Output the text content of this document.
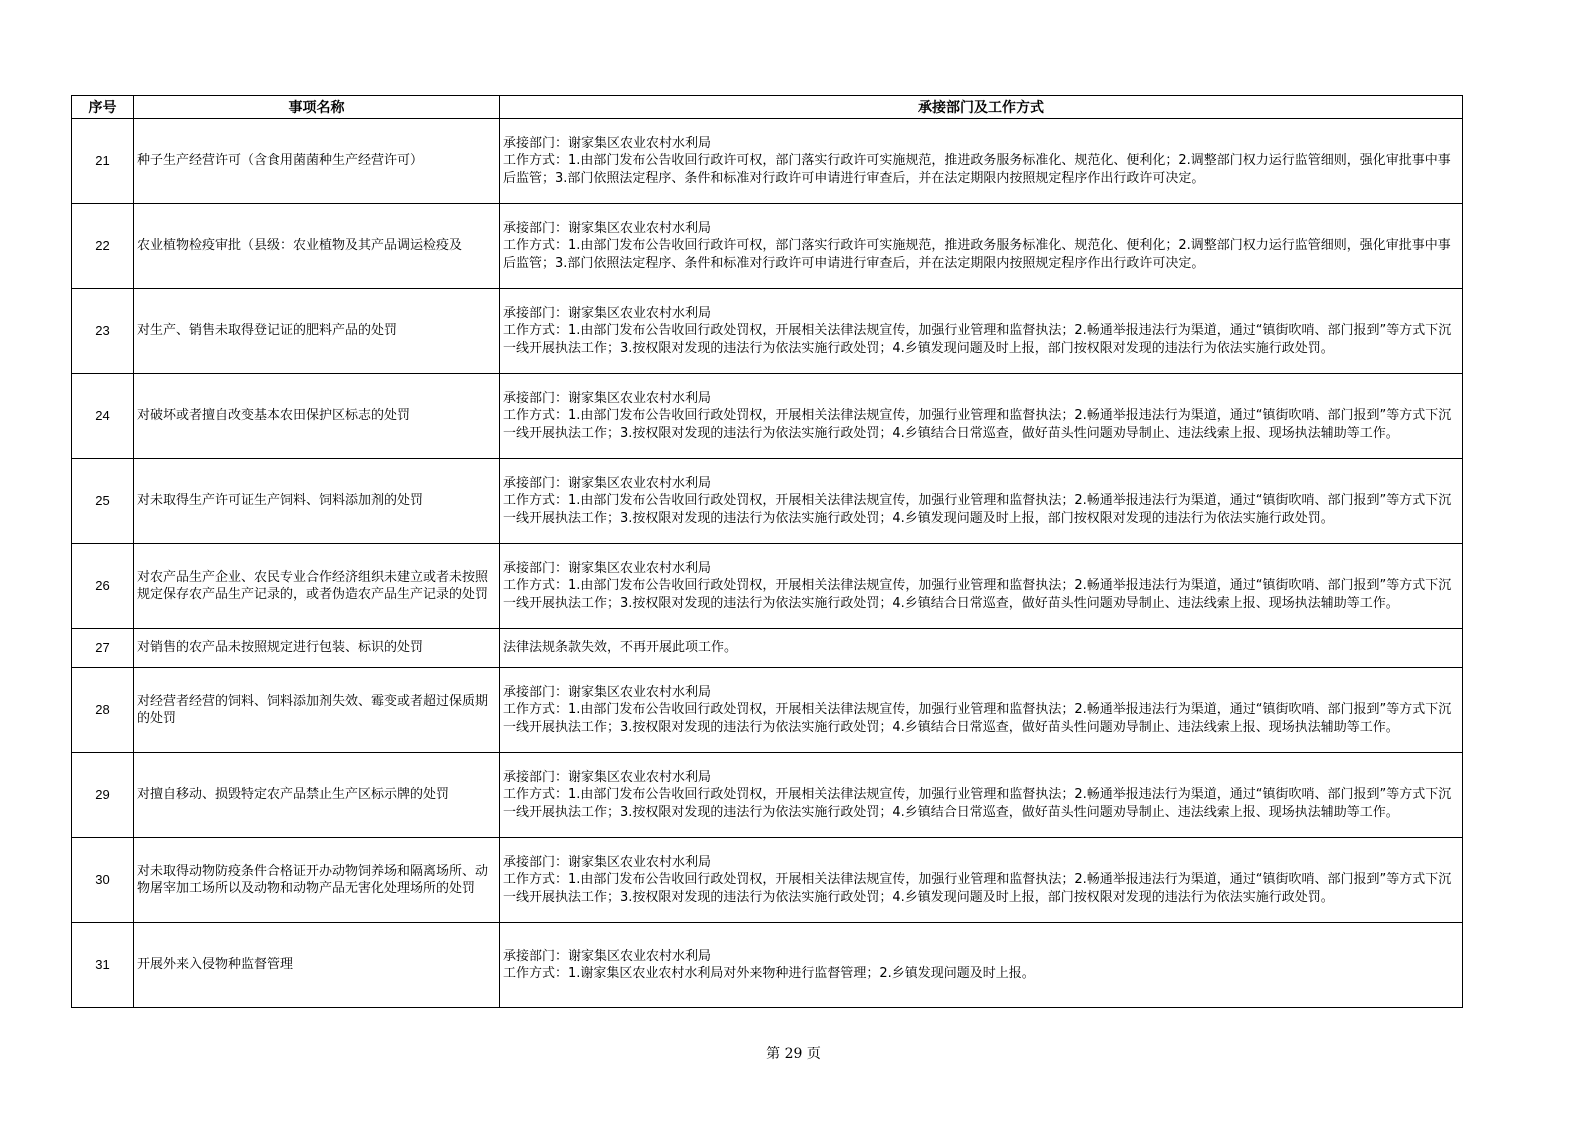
序号	事项名称	承接部门及工作方式
21	种子生产经营许可（含食用菌菌种生产经营许可）	承接部门：谢家集区农业农村水利局
工作方式：1.由部门发布公告收回行政许可权，部门落实行政许可实施规范，推进政务服务标准化、规范化、便利化；2.调整部门权力运行监管细则，强化审批事中事后监管；3.部门依照法定程序、条件和标准对行政许可申请进行审查后，并在法定期限内按照规定程序作出行政许可决定。

22	农业植物检疫审批（县级：农业植物及其产品调运检疫及	承接部门：谢家集区农业农村水利局
工作方式：1.由部门发布公告收回行政许可权，部门落实行政许可实施规范，推进政务服务标准化、规范化、便利化；2.调整部门权力运行监管细则，强化审批事中事后监管；3.部门依照法定程序、条件和标准对行政许可申请进行审查后，并在法定期限内按照规定程序作出行政许可决定。

23	对生产、销售未取得登记证的肥料产品的处罚	承接部门：谢家集区农业农村水利局
工作方式：1.由部门发布公告收回行政处罚权，开展相关法律法规宣传，加强行业管理和监督执法；2.畅通举报违法行为渠道，通过“镇街吹哨、部门报到”等方式下沉一线开展执法工作；3.按权限对发现的违法行为依法实施行政处罚；4.乡镇发现问题及时上报，部门按权限对发现的违法行为依法实施行政处罚。

24	对破坏或者擅自改变基本农田保护区标志的处罚	承接部门：谢家集区农业农村水利局
工作方式：1.由部门发布公告收回行政处罚权，开展相关法律法规宣传，加强行业管理和监督执法；2.畅通举报违法行为渠道，通过“镇街吹哨、部门报到”等方式下沉一线开展执法工作；3.按权限对发现的违法行为依法实施行政处罚；4.乡镇结合日常巡查，做好苗头性问题劝导制止、违法线索上报、现场执法辅助等工作。

25	对未取得生产许可证生产饲料、饲料添加剂的处罚	承接部门：谢家集区农业农村水利局
工作方式：1.由部门发布公告收回行政处罚权，开展相关法律法规宣传，加强行业管理和监督执法；2.畅通举报违法行为渠道，通过“镇街吹哨、部门报到”等方式下沉一线开展执法工作；3.按权限对发现的违法行为依法实施行政处罚；4.乡镇发现问题及时上报，部门按权限对发现的违法行为依法实施行政处罚。

26	对农产品生产企业、农民专业合作经济组织未建立或者未按照规定保存农产品生产记录的，或者伪造农产品生产记录的处罚	承接部门：谢家集区农业农村水利局
工作方式：1.由部门发布公告收回行政处罚权，开展相关法律法规宣传，加强行业管理和监督执法；2.畅通举报违法行为渠道，通过“镇街吹哨、部门报到”等方式下沉一线开展执法工作；3.按权限对发现的违法行为依法实施行政处罚；4.乡镇结合日常巡查，做好苗头性问题劝导制止、违法线索上报、现场执法辅助等工作。

27	对销售的农产品未按照规定进行包装、标识的处罚	法律法规条款失效，不再开展此项工作。

28	对经营者经营的饲料、饲料添加剂失效、霉变或者超过保质期的处罚	承接部门：谢家集区农业农村水利局
工作方式：1.由部门发布公告收回行政处罚权，开展相关法律法规宣传，加强行业管理和监督执法；2.畅通举报违法行为渠道，通过“镇街吹哨、部门报到”等方式下沉一线开展执法工作；3.按权限对发现的违法行为依法实施行政处罚；4.乡镇结合日常巡查，做好苗头性问题劝导制止、违法线索上报、现场执法辅助等工作。

29	对擅自移动、损毁特定农产品禁止生产区标示牌的处罚	承接部门：谢家集区农业农村水利局
工作方式：1.由部门发布公告收回行政处罚权，开展相关法律法规宣传，加强行业管理和监督执法；2.畅通举报违法行为渠道，通过“镇街吹哨、部门报到”等方式下沉一线开展执法工作；3.按权限对发现的违法行为依法实施行政处罚；4.乡镇结合日常巡查，做好苗头性问题劝导制止、违法线索上报、现场执法辅助等工作。

30	对未取得动物防疫条件合格证开办动物饲养场和隔离场所、动物屠宰加工场所以及动物和动物产品无害化处理场所的处罚	承接部门：谢家集区农业农村水利局
工作方式：1.由部门发布公告收回行政处罚权，开展相关法律法规宣传，加强行业管理和监督执法；2.畅通举报违法行为渠道，通过“镇街吹哨、部门报到”等方式下沉一线开展执法工作；3.按权限对发现的违法行为依法实施行政处罚；4.乡镇发现问题及时上报，部门按权限对发现的违法行为依法实施行政处罚。

31	开展外来入侵物种监督管理	承接部门：谢家集区农业农村水利局
工作方式：1.谢家集区农业农村水利局对外来物种进行监督管理；2.乡镇发现问题及时上报。
第 29 页
